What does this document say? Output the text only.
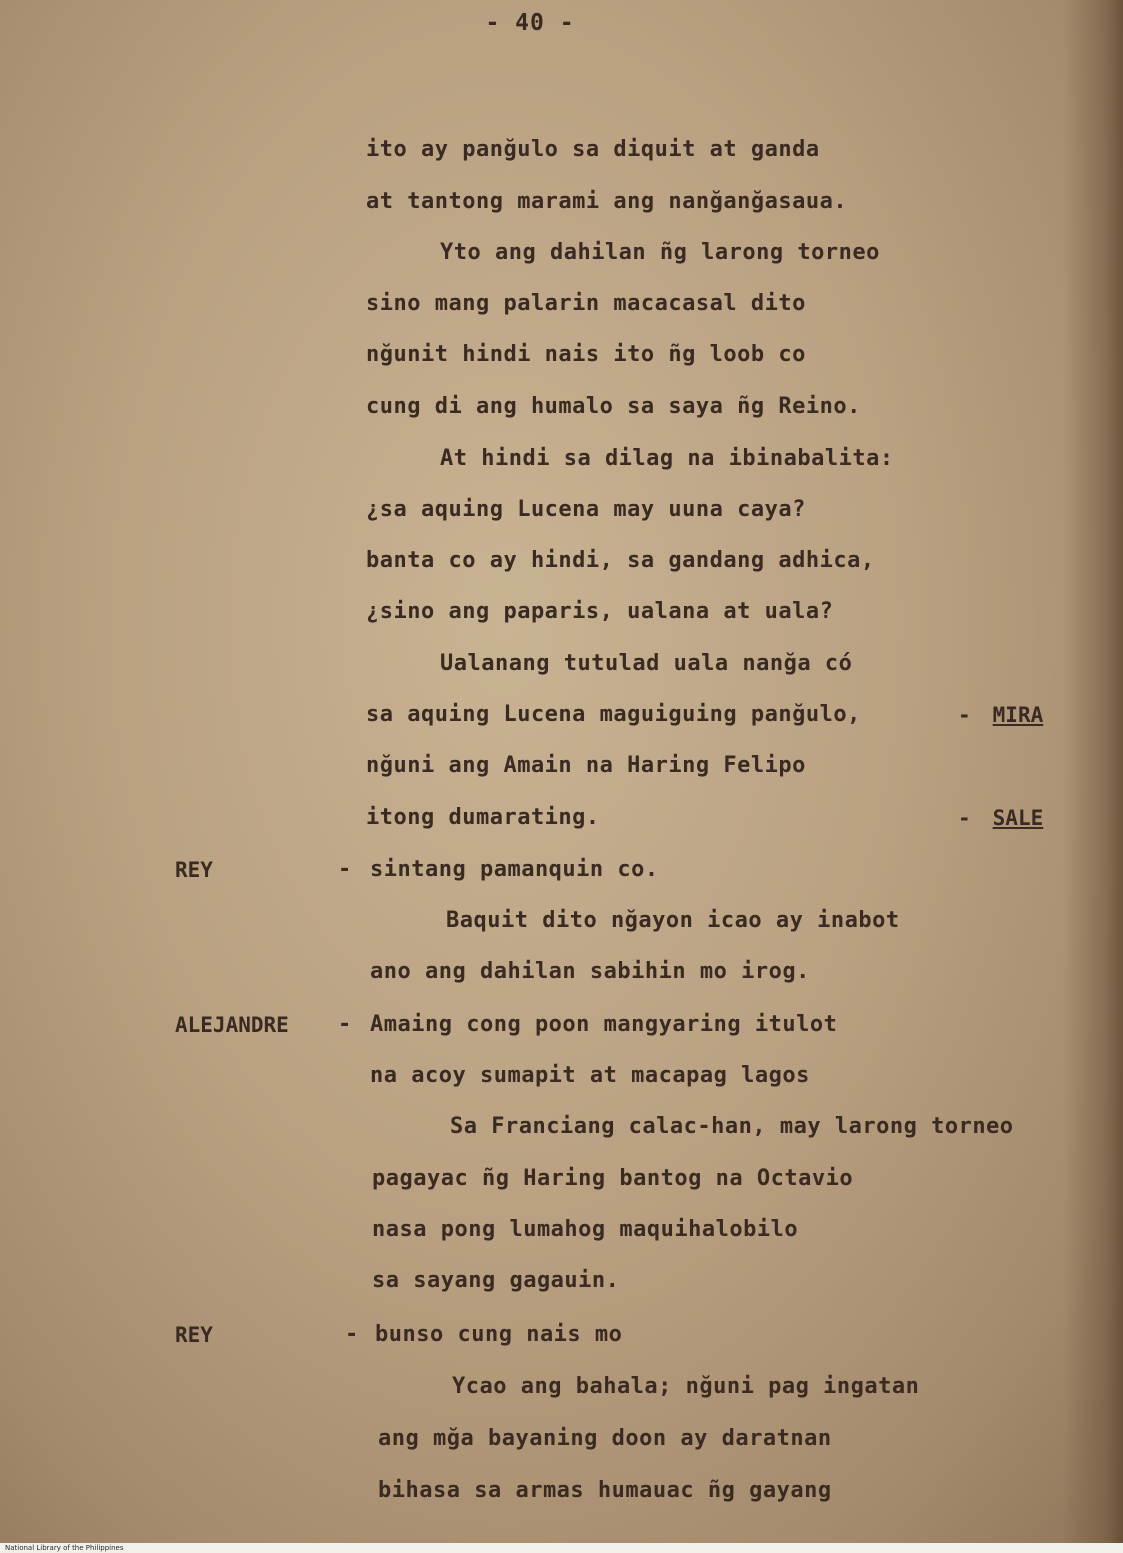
- 40 -
ito ay panğulo sa diquit at ganda
at tantong marami ang nanğanğasaua.
Yto ang dahilan ñg larong torneo
sino mang palarin macacasal dito
nğunit hindi nais ito ñg loob co
cung di ang humalo sa saya ñg Reino.
At hindi sa dilag na ibinabalita:
¿sa aquing Lucena may uuna caya?
banta co ay hindi, sa gandang adhica,
¿sino ang paparis, ualana at uala?
Ualanang tutulad uala nanğa có
sa aquing Lucena maguiguing panğulo,	- MIRA
nğuni ang Amain na Haring Felipo
itong dumarating.	- SALE
REY	- sintang pamanquin co.
Baquit dito nğayon icao ay inabot
ano ang dahilan sabihin mo irog.
ALEJANDRE - Amaing cong poon mangyaring itulot
na acoy sumapit at macapag lagos
Sa Franciang calac-han, may larong torneo
pagayac ñg Haring bantog na Octavio
nasa pong lumahog maquihalobilo
sa sayang gagauin.
REY	- bunso cung nais mo
Ycao ang bahala; nğuni pag ingatan
ang mğa bayaning doon ay daratnan
bihasa sa armas humauac ñg gayang
National Library of the Philippines
